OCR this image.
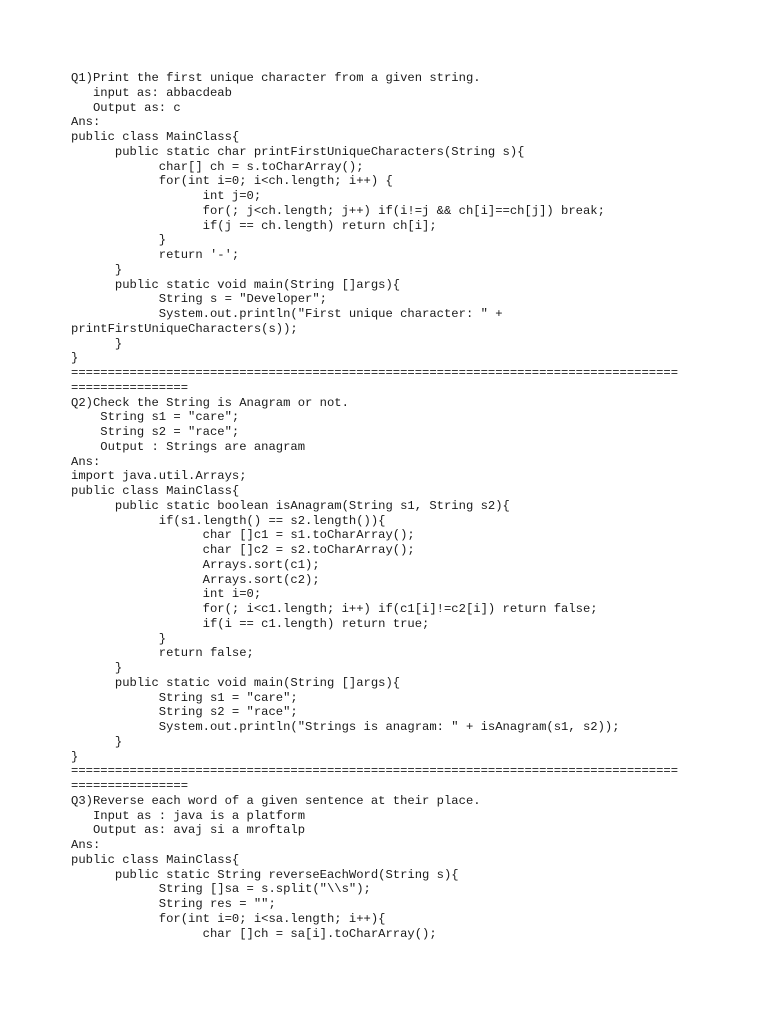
Q1)Print the first unique character from a given string.
input as: abbacdeab
Output as: c
Ans:
public class MainClass{
public static char printFirstUniqueCharacters(String s){
char[] ch = s.toCharArray();
for(int i=0; i<ch.length; i++) {
int j=0;
for(; j<ch.length; j++) if(i!=j && ch[i]==ch[j]) break;
if(j == ch.length) return ch[i];
}
return '-';
}
public static void main(String []args){
String s = "Developer";
System.out.println("First unique character: " +
printFirstUniqueCharacters(s));
}
}
===================================================================================
================
Q2)Check the String is Anagram or not.
String s1 = "care";
String s2 = "race";
Output : Strings are anagram
Ans:
import java.util.Arrays;
public class MainClass{
public static boolean isAnagram(String s1, String s2){
if(s1.length() == s2.length()){
char []c1 = s1.toCharArray();
char []c2 = s2.toCharArray();
Arrays.sort(c1);
Arrays.sort(c2);
int i=0;
for(; i<c1.length; i++) if(c1[i]!=c2[i]) return false;
if(i == c1.length) return true;
}
return false;
}
public static void main(String []args){
String s1 = "care";
String s2 = "race";
System.out.println("Strings is anagram: " + isAnagram(s1, s2));
}
}
===================================================================================
================
Q3)Reverse each word of a given sentence at their place.
Input as : java is a platform
Output as: avaj si a mroftalp
Ans:
public class MainClass{
public static String reverseEachWord(String s){
String []sa = s.split("\\s");
String res = "";
for(int i=0; i<sa.length; i++){
char []ch = sa[i].toCharArray();
